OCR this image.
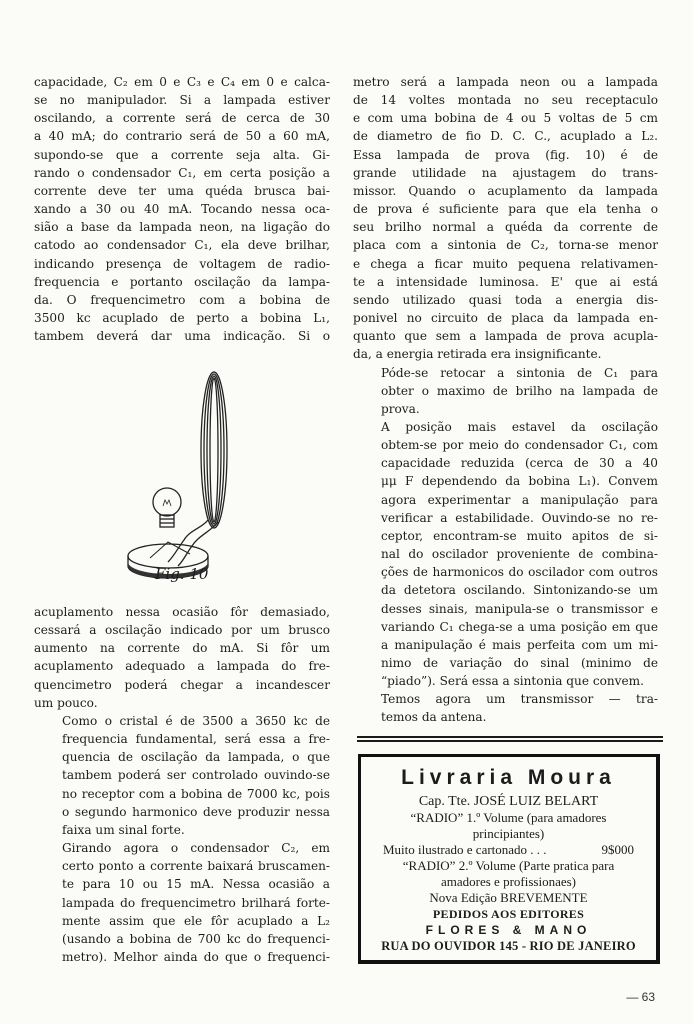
capacidade, C₂ em 0 e C₃ e C₄ em 0 e calca-
se no manipulador. Si a lampada estiver
oscilando, a corrente será de cerca de 30
a 40 mA; do contrario será de 50 a 60 mA,
supondo-se que a corrente seja alta. Gi-
rando o condensador C₁, em certa posição a
corrente deve ter uma quéda brusca bai-
xando a 30 ou 40 mA. Tocando nessa oca-
sião a base da lampada neon, na ligação do
catodo ao condensador C₁, ela deve brilhar,
indicando presença de voltagem de radio-
frequencia e portanto oscilação da lampa-
da. O frequencimetro com a bobina de
3500 kc acuplado de perto a bobina L₁,
tambem deverá dar uma indicação. Si o

Fig. 10

acuplamento nessa ocasião fôr demasiado,
cessará a oscilação indicado por um brusco
aumento na corrente do mA. Si fôr um
acuplamento adequado a lampada do fre-
quencimetro poderá chegar a incandescer
um pouco.

Como o cristal é de 3500 a 3650 kc de
frequencia fundamental, será essa a fre-
quencia de oscilação da lampada, o que
tambem poderá ser controlado ouvindo-se
no receptor com a bobina de 7000 kc, pois
o segundo harmonico deve produzir nessa
faixa um sinal forte.

Girando agora o condensador C₂, em
certo ponto a corrente baixará bruscamen-
te para 10 ou 15 mA. Nessa ocasião a
lampada do frequencimetro brilhará forte-
mente assim que ele fôr acuplado a L₂
(usando a bobina de 700 kc do frequenci-
metro). Melhor ainda do que o frequenci-

metro será a lampada neon ou a lampada
de 14 voltes montada no seu receptaculo
e com uma bobina de 4 ou 5 voltas de 5 cm
de diametro de fio D. C. C., acuplado a L₂.
Essa lampada de prova (fig. 10) é de
grande utilidade na ajustagem do trans-
missor. Quando o acuplamento da lampada
de prova é suficiente para que ela tenha o
seu brilho normal a quéda da corrente de
placa com a sintonia de C₂, torna-se menor
e chega a ficar muito pequena relativamen-
te a intensidade luminosa. E' que ai está
sendo utilizado quasi toda a energia dis-
ponivel no circuito de placa da lampada en-
quanto que sem a lampada de prova acupla-
da, a energia retirada era insignificante.

Póde-se retocar a sintonia de C₁ para
obter o maximo de brilho na lampada de
prova.

A posição mais estavel da oscilação
obtem-se por meio do condensador C₁, com
capacidade reduzida (cerca de 30 a 40
μμ F dependendo da bobina L₁). Convem
agora experimentar a manipulação para
verificar a estabilidade. Ouvindo-se no re-
ceptor, encontram-se muito apitos de si-
nal do oscilador proveniente de combina-
ções de harmonicos do oscilador com outros
da detetora oscilando. Sintonizando-se um
desses sinais, manipula-se o transmissor e
variando C₁ chega-se a uma posição em que
a manipulação é mais perfeita com um mi-
nimo de variação do sinal (minimo de
“piado”). Será essa a sintonia que convem.

Temos agora um transmissor — tra-
temos da antena.

Livraria Moura
Cap. Tte. JOSÉ LUIZ BELART
“RADIO” 1.º Volume (para amadores
principiantes)
Muito ilustrado e cartonado . . .	9$000
“RADIO” 2.º Volume (Parte pratica para
amadores e profissionaes)
Nova Edição BREVEMENTE
PEDIDOS AOS EDITORES
FLORES & MANO
RUA DO OUVIDOR 145 - RIO DE JANEIRO
— 63
